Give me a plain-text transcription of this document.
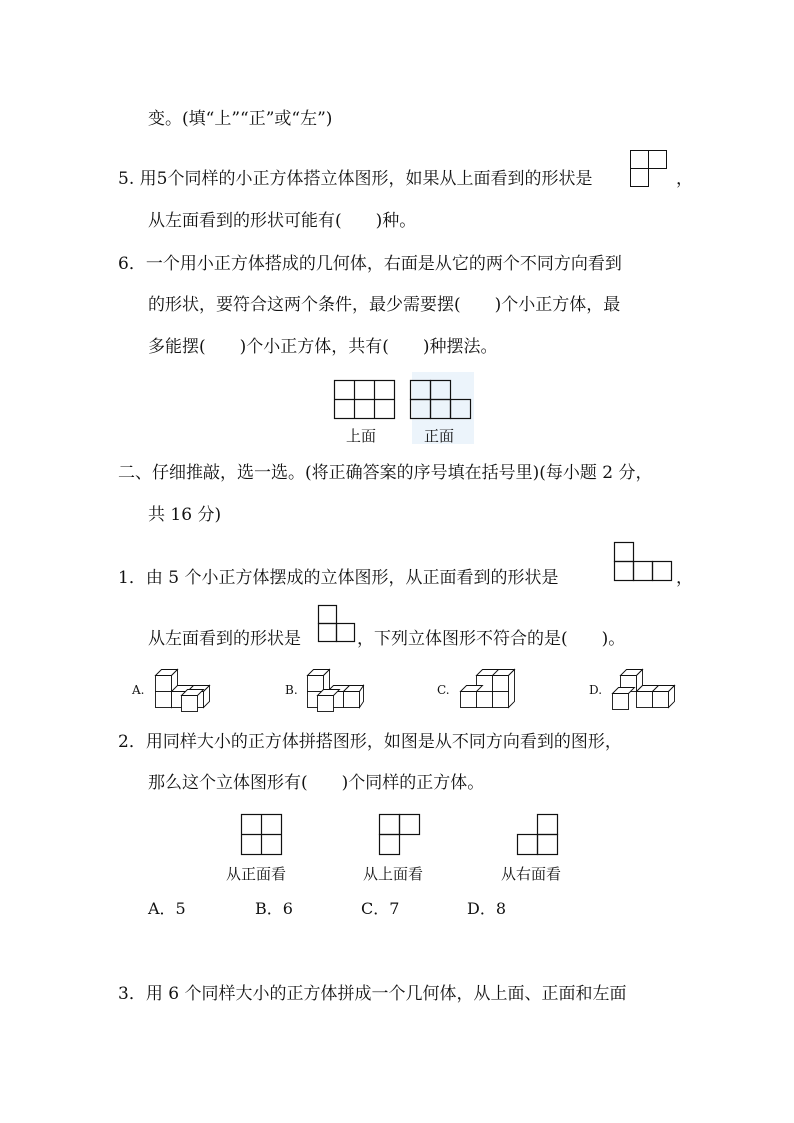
变。(填“上”“正”或“左”)
5. 用5个同样的小正方体搭立体图形，如果从上面看到的形状是	，
从左面看到的形状可能有(　　)种。
6．一个用小正方体搭成的几何体，右面是从它的两个不同方向看到
的形状，要符合这两个条件，最少需要摆(　　)个小正方体，最
多能摆(　　)个小正方体，共有(　　)种摆法。
上面	正面
二、仔细推敲，选一选。(将正确答案的序号填在括号里)(每小题 2 分，
共 16 分)
1．由 5 个小正方体摆成的立体图形，从正面看到的形状是	，
从左面看到的形状是	，下列立体图形不符合的是(　　)。
A.	B.	C.	D.
2．用同样大小的正方体拼搭图形，如图是从不同方向看到的图形，
那么这个立体图形有(　　)个同样的正方体。
从正面看	从上面看	从右面看
A．5	B．6	C．7	D．8
3．用 6 个同样大小的正方体拼成一个几何体，从上面、正面和左面
